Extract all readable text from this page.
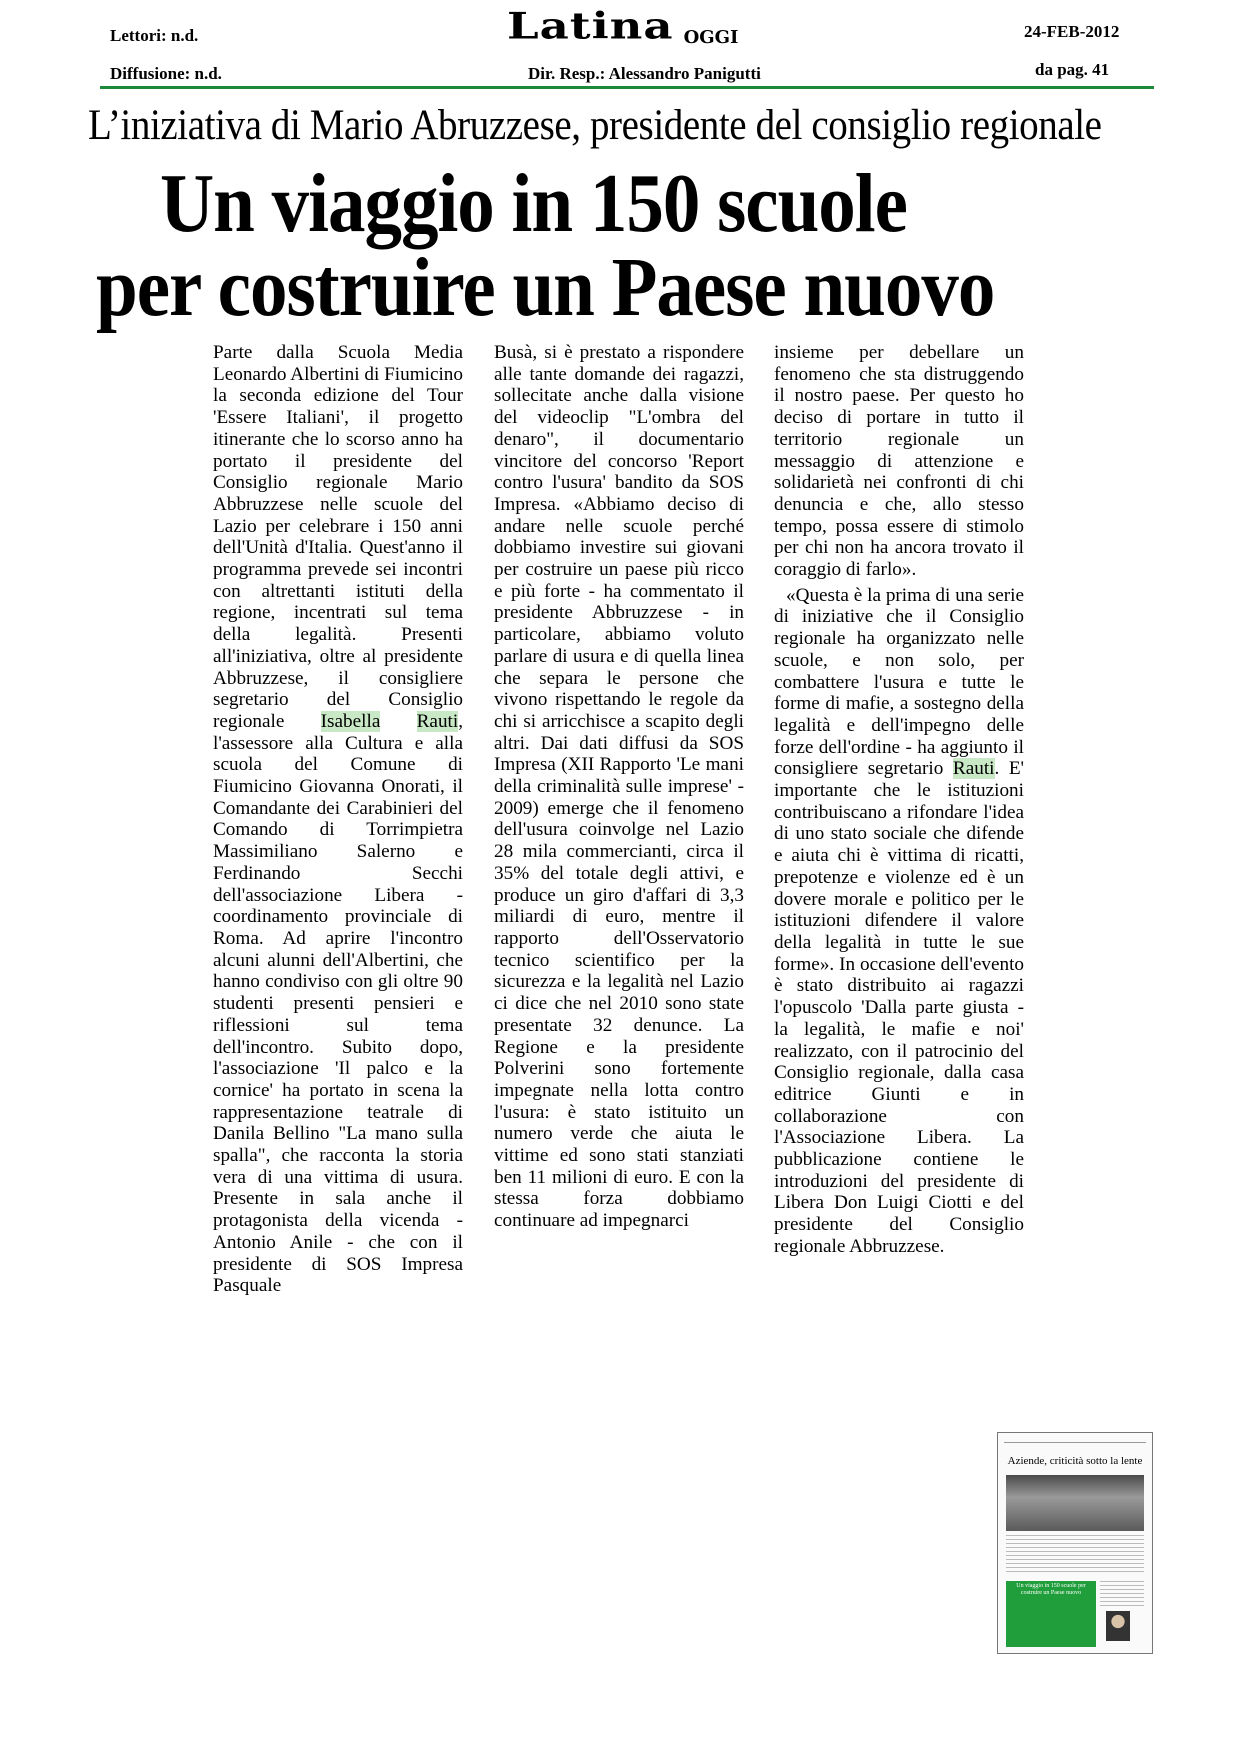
Lettori: n.d.
Diffusione: n.d.
Latina OGGI
Dir. Resp.: Alessandro Panigutti
24-FEB-2012
da pag. 41
L’iniziativa di Mario Abruzzese, presidente del consiglio regionale
Un viaggio in 150 scuole
per costruire un Paese nuovo

Parte dalla Scuola Media Leonardo Albertini di Fiumicino la seconda edizione del Tour 'Essere Italiani', il progetto itinerante che lo scorso anno ha portato il presidente del Consiglio regionale Mario Abbruzzese nelle scuole del Lazio per celebrare i 150 anni dell'Unità d'Italia. Quest'anno il programma prevede sei incontri con altrettanti istituti della regione, incentrati sul tema della legalità. Presenti all'iniziativa, oltre al presidente Abbruzzese, il consigliere segretario del Consiglio regionale Isabella Rauti, l'assessore alla Cultura e alla scuola del Comune di Fiumicino Giovanna Onorati, il Comandante dei Carabinieri del Comando di Torrimpietra Massimiliano Salerno e Ferdinando Secchi dell'associazione Libera - coordinamento provinciale di Roma. Ad aprire l'incontro alcuni alunni dell'Albertini, che hanno condiviso con gli oltre 90 studenti presenti pensieri e riflessioni sul tema dell'incontro. Subito dopo, l'associazione 'Il palco e la cornice' ha portato in scena la rappresentazione teatrale di Danila Bellino "La mano sulla spalla", che racconta la storia vera di una vittima di usura. Presente in sala anche il protagonista della vicenda - Antonio Anile - che con il presidente di SOS Impresa Pasquale

Busà, si è prestato a rispondere alle tante domande dei ragazzi, sollecitate anche dalla visione del videoclip "L'ombra del denaro", il documentario vincitore del concorso 'Report contro l'usura' bandito da SOS Impresa. «Abbiamo deciso di andare nelle scuole perché dobbiamo investire sui giovani per costruire un paese più ricco e più forte - ha commentato il presidente Abbruzzese - in particolare, abbiamo voluto parlare di usura e di quella linea che separa le persone che vivono rispettando le regole da chi si arricchisce a scapito degli altri. Dai dati diffusi da SOS Impresa (XII Rapporto 'Le mani della criminalità sulle imprese' - 2009) emerge che il fenomeno dell'usura coinvolge nel Lazio 28 mila commercianti, circa il 35% del totale degli attivi, e produce un giro d'affari di 3,3 miliardi di euro, mentre il rapporto dell'Osservatorio tecnico scientifico per la sicurezza e la legalità nel Lazio ci dice che nel 2010 sono state presentate 32 denunce. La Regione e la presidente Polverini sono fortemente impegnate nella lotta contro l'usura: è stato istituito un numero verde che aiuta le vittime ed sono stati stanziati ben 11 milioni di euro. E con la stessa forza dobbiamo continuare ad impegnarci

insieme per debellare un fenomeno che sta distruggendo il nostro paese. Per questo ho deciso di portare in tutto il territorio regionale un messaggio di attenzione e solidarietà nei confronti di chi denuncia e che, allo stesso tempo, possa essere di stimolo per chi non ha ancora trovato il coraggio di farlo».

«Questa è la prima di una serie di iniziative che il Consiglio regionale ha organizzato nelle scuole, e non solo, per combattere l'usura e tutte le forme di mafie, a sostegno della legalità e dell'impegno delle forze dell'ordine - ha aggiunto il consigliere segretario Rauti. E' importante che le istituzioni contribuiscano a rifondare l'idea di uno stato sociale che difende e aiuta chi è vittima di ricatti, prepotenze e violenze ed è un dovere morale e politico per le istituzioni difendere il valore della legalità in tutte le sue forme». In occasione dell'evento è stato distribuito ai ragazzi l'opuscolo 'Dalla parte giusta - la legalità, le mafie e noi' realizzato, con il patrocinio del Consiglio regionale, dalla casa editrice Giunti e in collaborazione con l'Associazione Libera. La pubblicazione contiene le introduzioni del presidente di Libera Don Luigi Ciotti e del presidente del Consiglio regionale Abbruzzese.

Aziende, criticità sotto la lente
Un viaggio in 150 scuole per costruire un Paese nuovo
